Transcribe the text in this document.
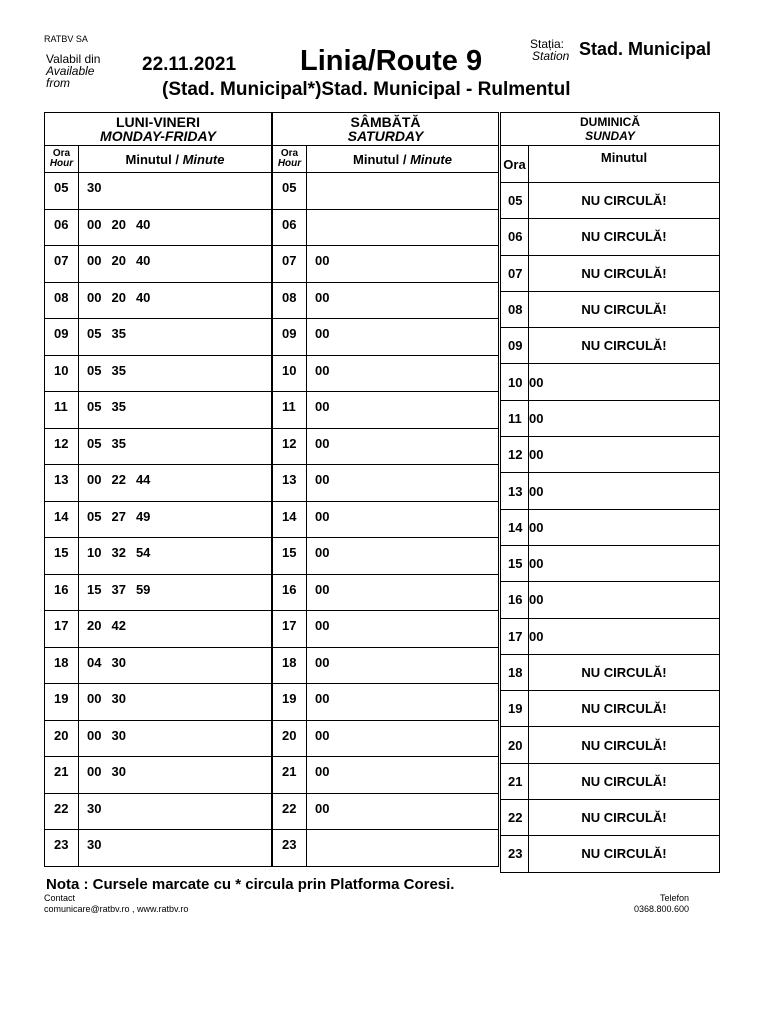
RATBV SA
Valabil din
Available
from
22.11.2021 Linia/Route 9
(Stad. Municipal*)Stad. Municipal - Rulmentul
Stația:
Station Stad. Municipal
LUNI-VINERI
MONDAY-FRIDAY	

Ora
Hour	Minutul / Minute
05	30
06	00 20 40
07	00 20 40
08	00 20 40
09	05 35
10	05 35
11	05 35
12	05 35
13	00 22 44
14	05 27 49
15	10 32 54
16	15 37 59
17	20 42
18	04 30
19	00 30
20	00 30
21	00 30
22	30
23	30
SÂMBĂTĂ
SATURDAY	

Ora
Hour	Minutul / Minute
05	
06	
07	00
08	00
09	00
10	00
11	00
12	00
13	00
14	00
15	00
16	00
17	00
18	00
19	00
20	00
21	00
22	00
23	
DUMINICĂ
SUNDAY	

Ora	Minutul
05	NU CIRCULĂ!
06	NU CIRCULĂ!
07	NU CIRCULĂ!
08	NU CIRCULĂ!
09	NU CIRCULĂ!
10	00
11	00
12	00
13	00
14	00
15	00
16	00
17	00
18	NU CIRCULĂ!
19	NU CIRCULĂ!
20	NU CIRCULĂ!
21	NU CIRCULĂ!
22	NU CIRCULĂ!
23	NU CIRCULĂ!
Nota : Cursele marcate cu * circula prin Platforma Coresi.
Contact
comunicare@ratbv.ro , www.ratbv.ro
Telefon
0368.800.600
